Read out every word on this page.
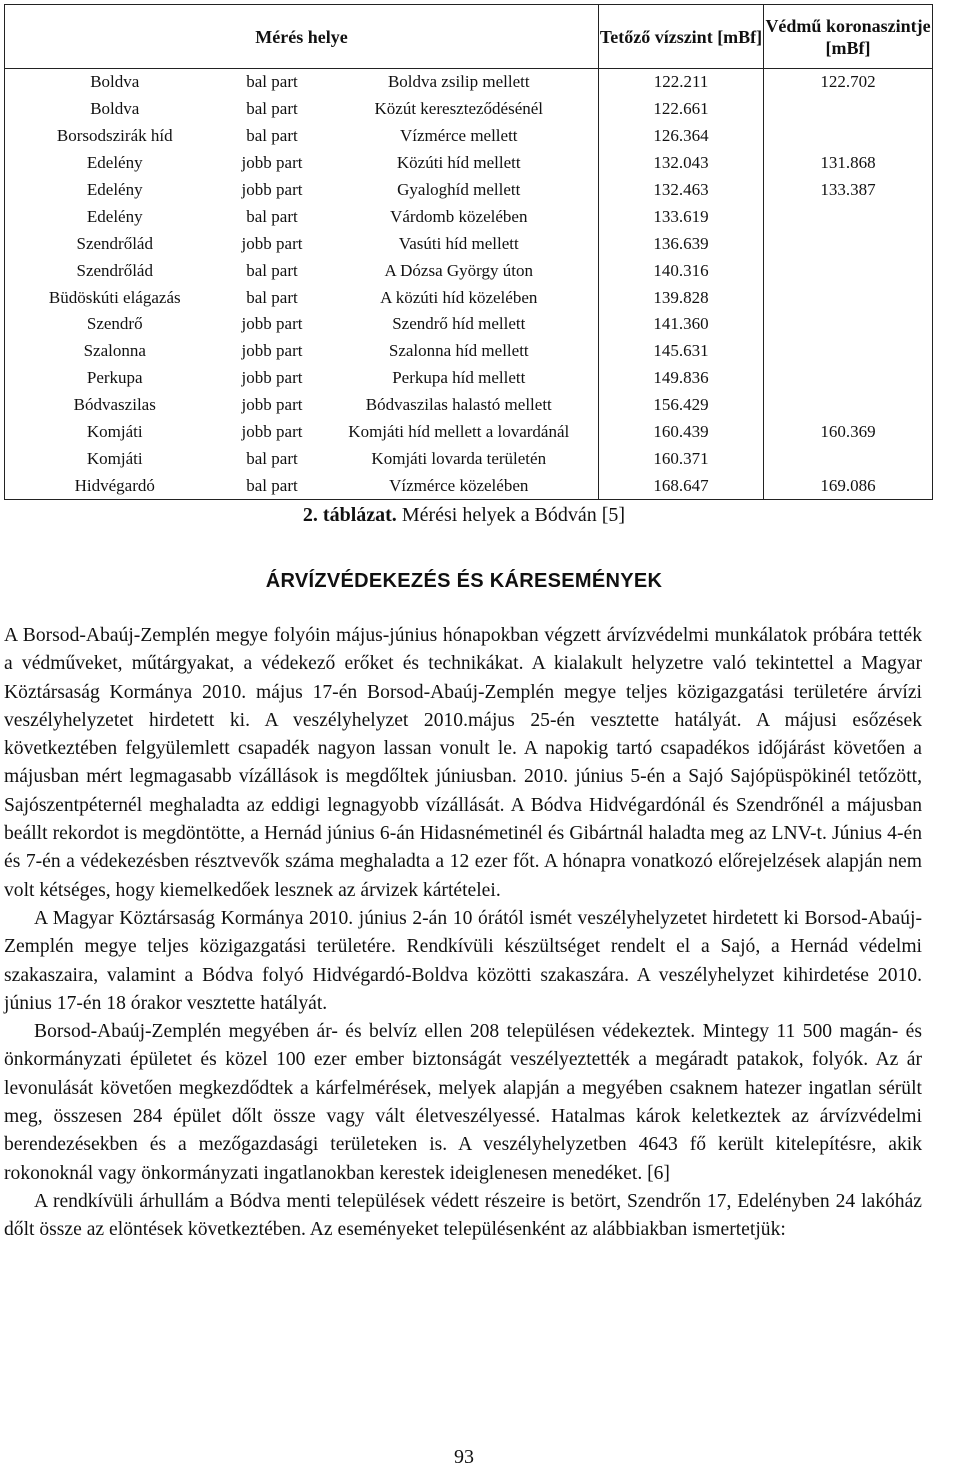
Mérés helye			Tetőző vízszint [mBf]	Védmű koronaszintje [mBf]
Boldva	bal part	Boldva zsilip mellett	122.211	122.702
Boldva	bal part	Közút kereszteződésénél	122.661	
Borsodszirák híd	bal part	Vízmérce mellett	126.364	
Edelény	jobb part	Közúti híd mellett	132.043	131.868
Edelény	jobb part	Gyaloghíd mellett	132.463	133.387
Edelény	bal part	Várdomb közelében	133.619	
Szendrőlád	jobb part	Vasúti híd mellett	136.639	
Szendrőlád	bal part	A Dózsa György úton	140.316	
Büdöskúti elágazás	bal part	A közúti híd közelében	139.828	
Szendrő	jobb part	Szendrő híd mellett	141.360	
Szalonna	jobb part	Szalonna híd mellett	145.631	
Perkupa	jobb part	Perkupa híd mellett	149.836	
Bódvaszilas	jobb part	Bódvaszilas halastó mellett	156.429	
Komjáti	jobb part	Komjáti híd mellett a lovardánál	160.439	160.369
Komjáti	bal part	Komjáti lovarda területén	160.371	
Hidvégardó	bal part	Vízmérce közelében	168.647	169.086
2. táblázat. Mérési helyek a Bódván [5]
ÁRVÍZVÉDEKEZÉS ÉS KÁRESEMÉNYEK

A Borsod-Abaúj-Zemplén megye folyóin május-június hónapokban végzett árvízvédelmi munkálatok próbára tették a védműveket, műtárgyakat, a védekező erőket és technikákat. A kialakult helyzetre való tekintettel a Magyar Köztársaság Kormánya 2010. május 17-én Borsod-Abaúj-Zemplén megye teljes közigazgatási területére árvízi veszélyhelyzetet hirdetett ki. A veszélyhelyzet 2010.május 25-én vesztette hatályát. A májusi esőzések következtében felgyülemlett csapadék nagyon lassan vonult le. A napokig tartó csapadékos időjárást követően a májusban mért legmagasabb vízállások is megdőltek júniusban. 2010. június 5-én a Sajó Sajópüspökinél tetőzött, Sajószentpéternél meghaladta az eddigi legnagyobb vízállását. A Bódva Hidvégardónál és Szendrőnél a májusban beállt rekordot is megdöntötte, a Hernád június 6-án Hidasnémetinél és Gibártnál haladta meg az LNV-t. Június 4-én és 7-én a védekezésben résztvevők száma meghaladta a 12 ezer főt. A hónapra vonatkozó előrejelzések alapján nem volt kétséges, hogy kiemelkedőek lesznek az árvizek kártételei.

A Magyar Köztársaság Kormánya 2010. június 2-án 10 órától ismét veszélyhelyzetet hirdetett ki Borsod-Abaúj-Zemplén megye teljes közigazgatási területére. Rendkívüli készültséget rendelt el a Sajó, a Hernád védelmi szakaszaira, valamint a Bódva folyó Hidvégardó-Boldva közötti szakaszára. A veszélyhelyzet kihirdetése 2010. június 17-én 18 órakor vesztette hatályát.

Borsod-Abaúj-Zemplén megyében ár- és belvíz ellen 208 településen védekeztek. Mintegy 11 500 magán- és önkormányzati épületet és közel 100 ezer ember biztonságát veszélyeztették a megáradt patakok, folyók. Az ár levonulását követően megkezdődtek a kárfelmérések, melyek alapján a megyében csaknem hatezer ingatlan sérült meg, összesen 284 épület dőlt össze vagy vált életveszélyessé. Hatalmas károk keletkeztek az árvízvédelmi berendezésekben és a mezőgazdasági területeken is. A veszélyhelyzetben 4643 fő került kitelepítésre, akik rokonoknál vagy önkormányzati ingatlanokban kerestek ideiglenesen menedéket. [6]

A rendkívüli árhullám a Bódva menti települések védett részeire is betört, Szendrőn 17, Edelényben 24 lakóház dőlt össze az elöntések következtében. Az eseményeket településenként az alábbiakban ismertetjük:

93
